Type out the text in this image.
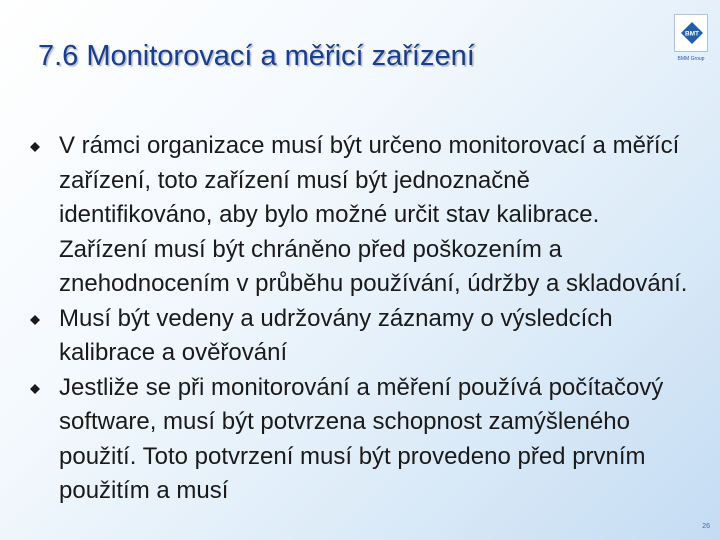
7.6 Monitorovací a měřicí zařízení
BMT
BMM Group
V rámci organizace musí být určeno monitorovací a měřící zařízení, toto zařízení musí být jednoznačně identifikováno, aby bylo možné určit stav kalibrace. Zařízení musí být chráněno před poškozením a znehodnocením v průběhu používání, údržby a skladování.
Musí být vedeny a udržovány záznamy o výsledcích kalibrace a ověřování
Jestliže se při monitorování a měření používá počítačový software, musí být potvrzena schopnost zamýšleného použití. Toto potvrzení musí být provedeno před prvním použitím a musí
26
